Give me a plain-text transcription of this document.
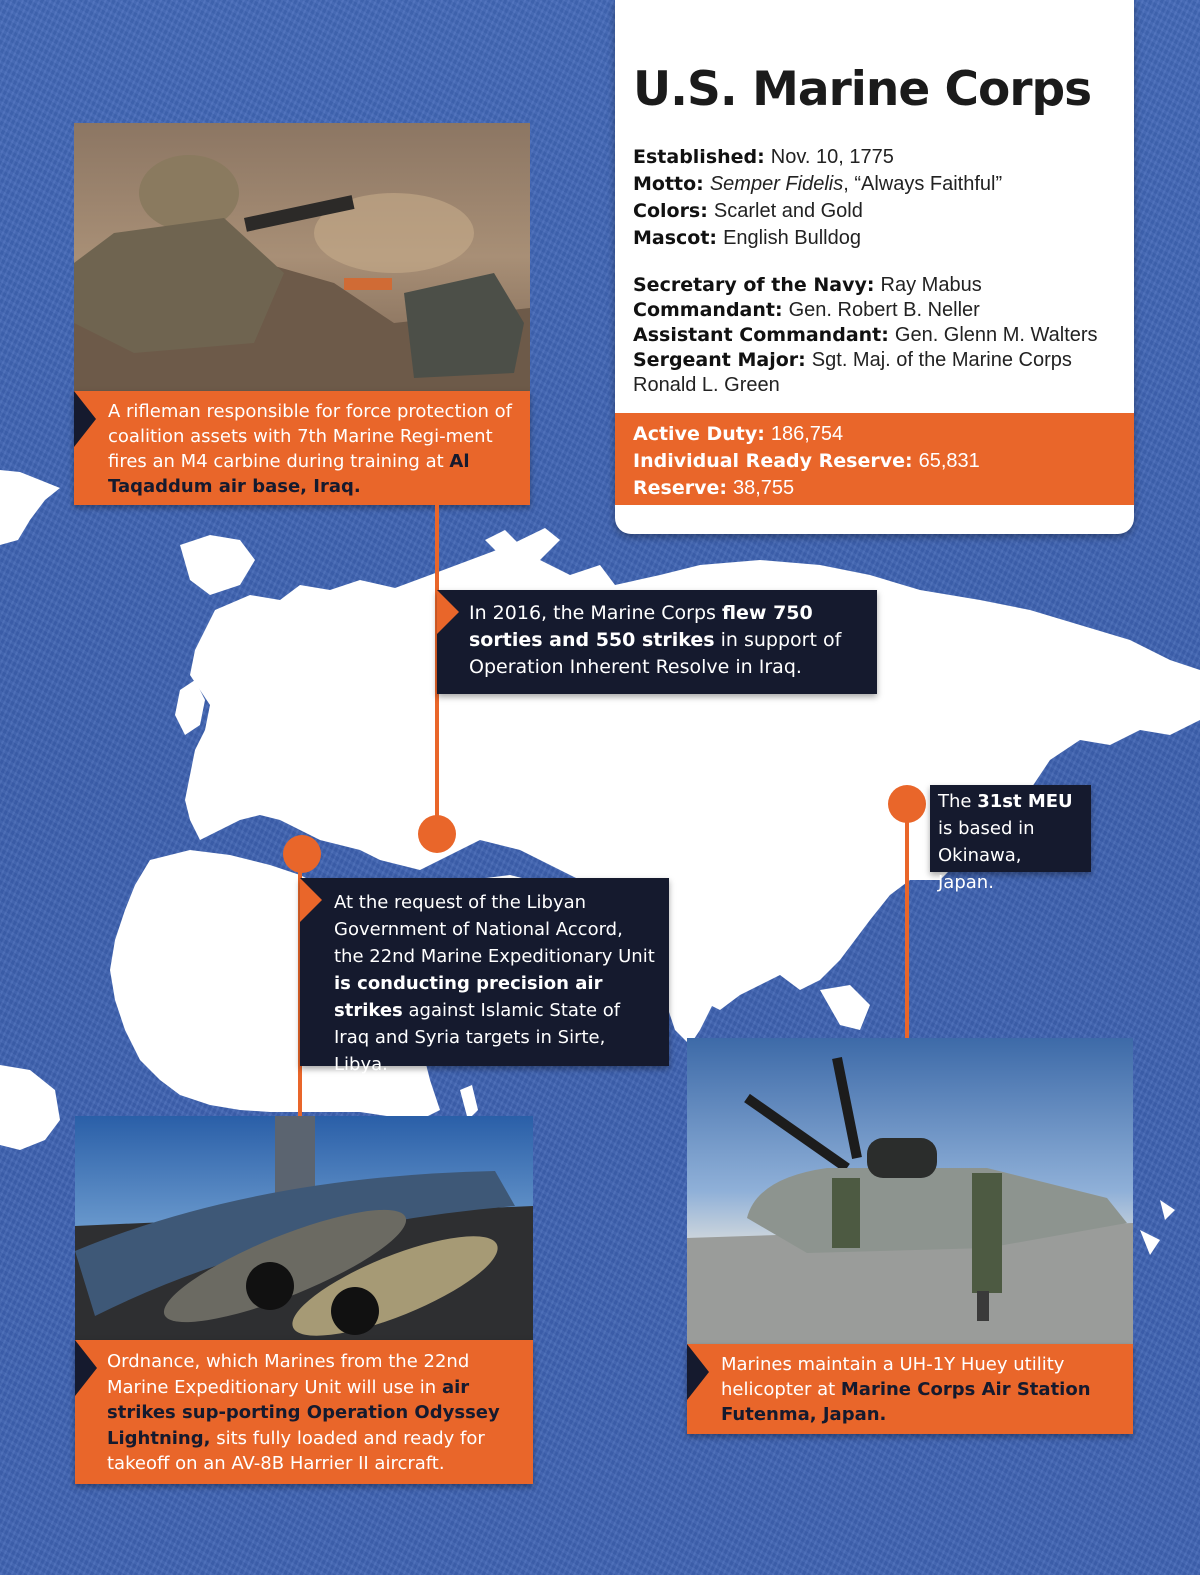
U.S. Marine Corps
Established: Nov. 10, 1775
Motto: Semper Fidelis, “Always Faithful”
Colors: Scarlet and Gold
Mascot: English Bulldog
Secretary of the Navy: Ray Mabus
Commandant: Gen. Robert B. Neller
Assistant Commandant: Gen. Glenn M. Walters
Sergeant Major: Sgt. Maj. of the Marine Corps
Ronald L. Green
Active Duty: 186,754
Individual Ready Reserve: 65,831
Reserve: 38,755

A rifleman responsible for force protection of coalition assets with 7th Marine Regi-ment fires an M4 carbine during training at Al Taqaddum air base, Iraq.

In 2016, the Marine Corps flew 750 sorties and 550 strikes in support of Operation Inherent Resolve in Iraq.

The 31st MEU is based in Okinawa, Japan.

At the request of the Libyan Government of National Accord, the 22nd Marine Expeditionary Unit is conducting precision air strikes against Islamic State of Iraq and Syria targets in Sirte, Libya.

Ordnance, which Marines from the 22nd Marine Expeditionary Unit will use in air strikes sup-porting Operation Odyssey Lightning, sits fully loaded and ready for takeoff on an AV-8B Harrier II aircraft.

Marines maintain a UH-1Y Huey utility helicopter at Marine Corps Air Station Futenma, Japan.
